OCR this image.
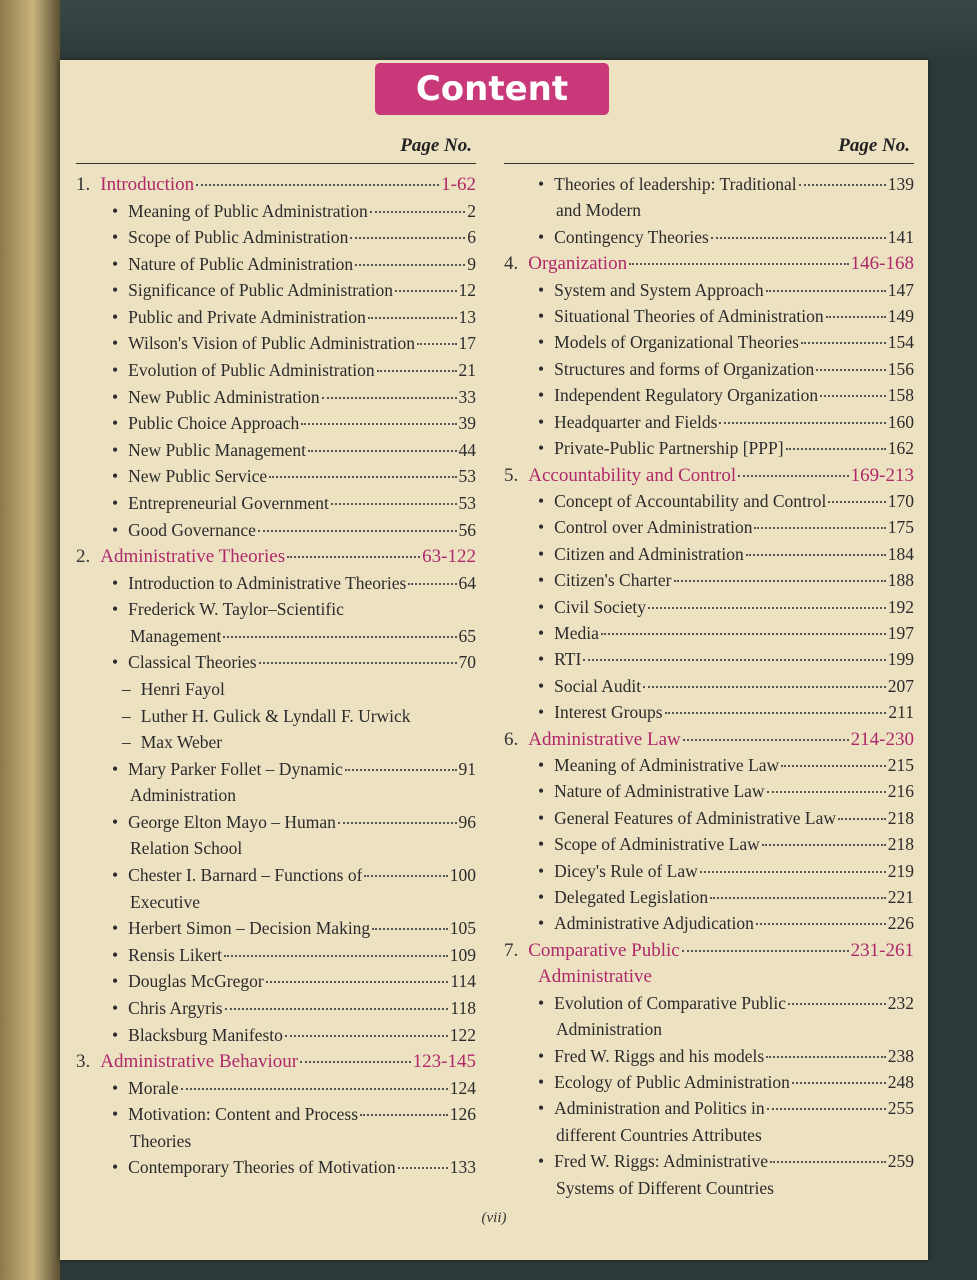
Content
Page No.
1. Introduction	1-62
• Meaning of Public Administration	2
• Scope of Public Administration	6
• Nature of Public Administration	9
• Significance of Public Administration	12
• Public and Private Administration	13
• Wilson's Vision of Public Administration 17
• Evolution of Public Administration	21
• New Public Administration	33
• Public Choice Approach	39
• New Public Management	44
• New Public Service	53
• Entrepreneurial Government	53
• Good Governance	56
2. Administrative Theories	63-122
• Introduction to Administrative Theories	64
• Frederick W. Taylor–Scientific
Management	65
• Classical Theories	70
– Henri Fayol
– Luther H. Gulick & Lyndall F. Urwick
– Max Weber
• Mary Parker Follet – Dynamic	91
Administration
• George Elton Mayo – Human	96
Relation School
• Chester I. Barnard – Functions of	100
Executive
• Herbert Simon – Decision Making	105
• Rensis Likert	109
• Douglas McGregor	114
• Chris Argyris	118
• Blacksburg Manifesto	122
3. Administrative Behaviour	123-145
• Morale	124
• Motivation: Content and Process	126
Theories
• Contemporary Theories of Motivation	133
Page No.
• Theories of leadership: Traditional	139
and Modern
• Contingency Theories	141
4. Organization	146-168
• System and System Approach	147
• Situational Theories of Administration	149
• Models of Organizational Theories	154
• Structures and forms of Organization	156
• Independent Regulatory Organization	158
• Headquarter and Fields	160
• Private-Public Partnership [PPP]	162
5. Accountability and Control	169-213
• Concept of Accountability and Control	170
• Control over Administration	175
• Citizen and Administration	184
• Citizen's Charter	188
• Civil Society	192
• Media	197
• RTI	199
• Social Audit	207
• Interest Groups	211
6. Administrative Law	214-230
• Meaning of Administrative Law	215
• Nature of Administrative Law	216
• General Features of Administrative Law	218
• Scope of Administrative Law	218
• Dicey's Rule of Law	219
• Delegated Legislation	221
• Administrative Adjudication	226
7. Comparative Public	231-261
Administrative
• Evolution of Comparative Public	232
Administration
• Fred W. Riggs and his models	238
• Ecology of Public Administration	248
• Administration and Politics in	255
different Countries Attributes
• Fred W. Riggs: Administrative	259
Systems of Different Countries
(vii)
